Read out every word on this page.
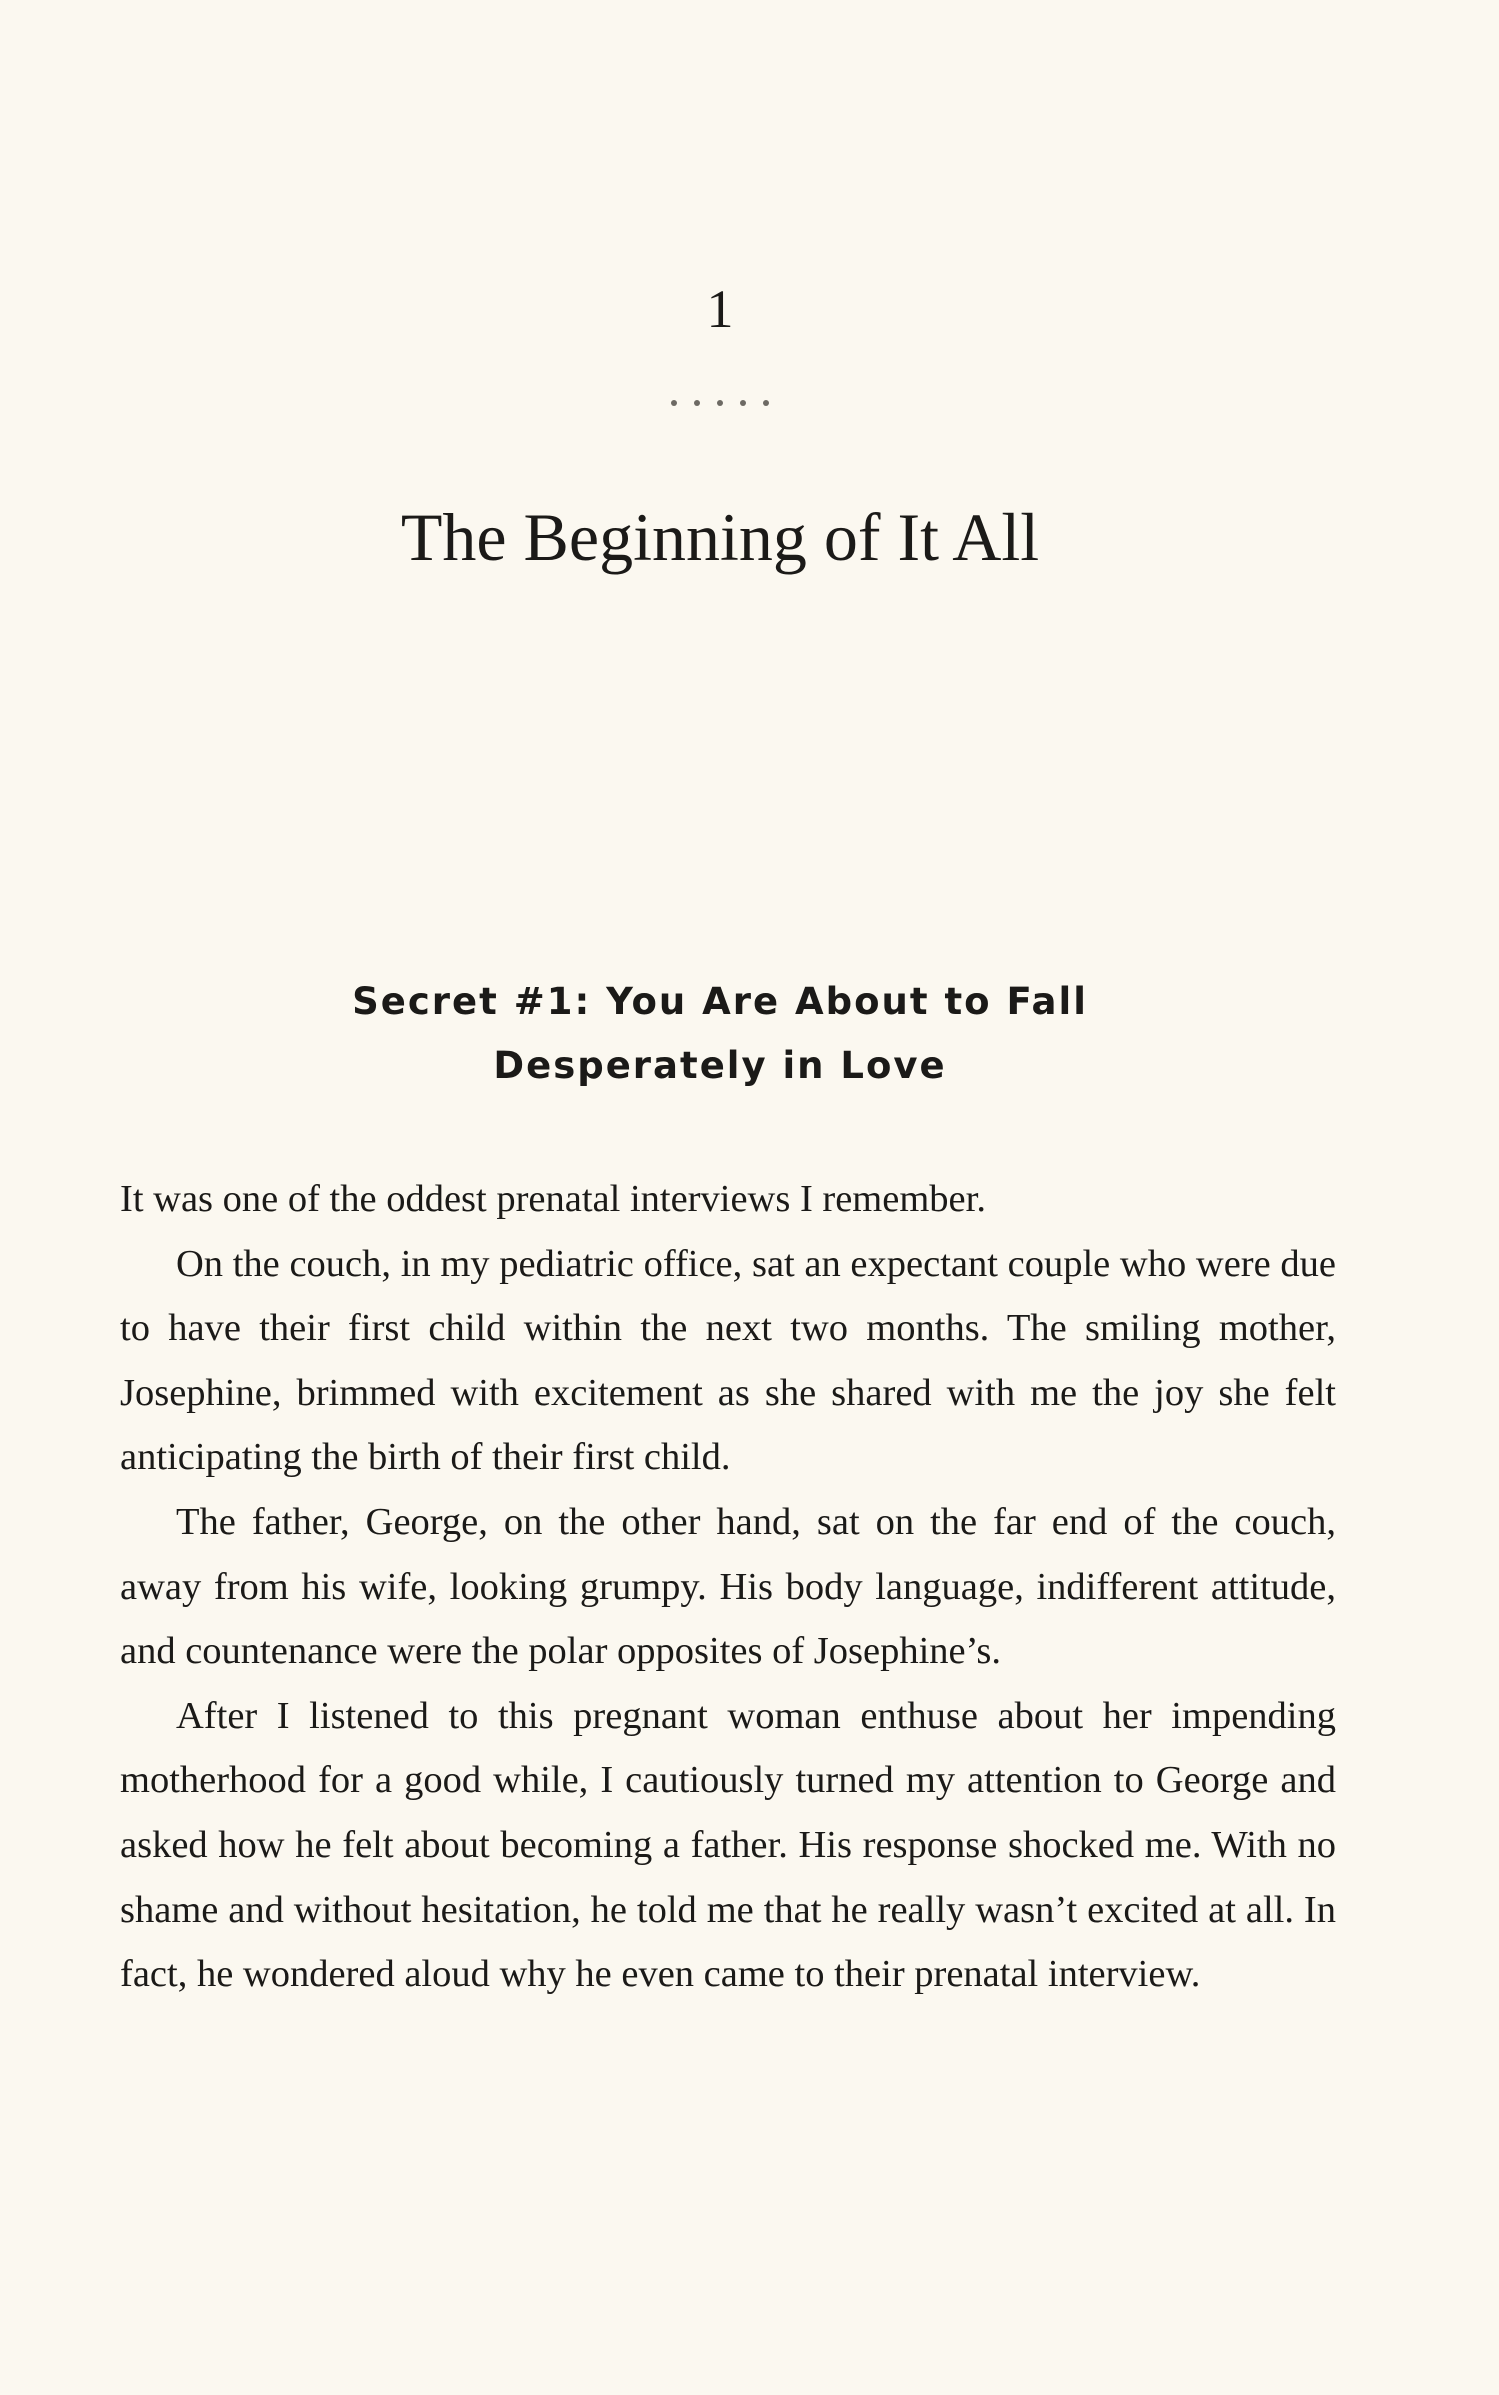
1
The Beginning of It All
Secret #1: You Are About to Fall
Desperately in Love

It was one of the oddest prenatal interviews I remember.

On the couch, in my pediatric office, sat an expectant couple who were due to have their first child within the next two months. The smiling mother, Josephine, brimmed with excitement as she shared with me the joy she felt anticipating the birth of their first child.

The father, George, on the other hand, sat on the far end of the couch, away from his wife, looking grumpy. His body language, indifferent attitude, and countenance were the polar opposites of Josephine’s.

After I listened to this pregnant woman enthuse about her impending motherhood for a good while, I cautiously turned my attention to George and asked how he felt about becoming a father. His response shocked me. With no shame and without hesitation, he told me that he really wasn’t excited at all. In fact, he wondered aloud why he even came to their prenatal interview.
